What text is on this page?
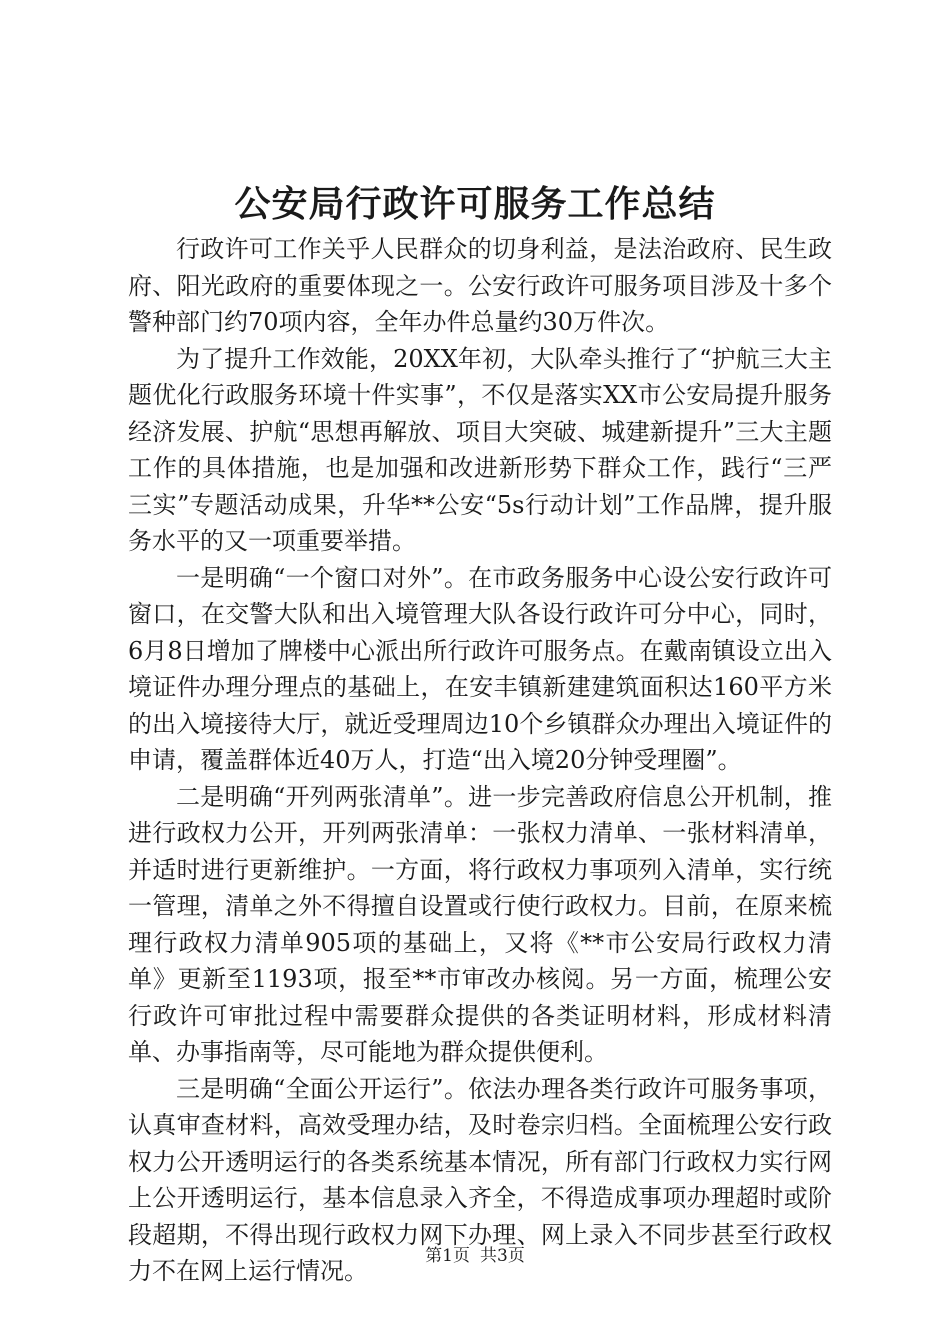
公安局行政许可服务工作总结

行政许可工作关乎人民群众的切身利益，是法治政府、民生政府、阳光政府的重要体现之一。公安行政许可服务项目涉及十多个警种部门约70项内容，全年办件总量约30万件次。

为了提升工作效能，20XX年初，大队牵头推行了“护航三大主题优化行政服务环境十件实事”，不仅是落实XX市公安局提升服务经济发展、护航“思想再解放、项目大突破、城建新提升”三大主题工作的具体措施，也是加强和改进新形势下群众工作，践行“三严三实”专题活动成果，升华**公安“5s行动计划”工作品牌，提升服务水平的又一项重要举措。

一是明确“一个窗口对外”。在市政务服务中心设公安行政许可窗口，在交警大队和出入境管理大队各设行政许可分中心，同时，6月8日增加了牌楼中心派出所行政许可服务点。在戴南镇设立出入境证件办理分理点的基础上，在安丰镇新建建筑面积达160平方米的出入境接待大厅，就近受理周边10个乡镇群众办理出入境证件的申请，覆盖群体近40万人，打造“出入境20分钟受理圈”。

二是明确“开列两张清单”。进一步完善政府信息公开机制，推进行政权力公开，开列两张清单：一张权力清单、一张材料清单，并适时进行更新维护。一方面，将行政权力事项列入清单，实行统一管理，清单之外不得擅自设置或行使行政权力。目前，在原来梳理行政权力清单905项的基础上，又将《**市公安局行政权力清单》更新至1193项，报至**市审改办核阅。另一方面，梳理公安行政许可审批过程中需要群众提供的各类证明材料，形成材料清单、办事指南等，尽可能地为群众提供便利。

三是明确“全面公开运行”。依法办理各类行政许可服务事项，认真审查材料，高效受理办结，及时卷宗归档。全面梳理公安行政权力公开透明运行的各类系统基本情况，所有部门行政权力实行网上公开透明运行，基本信息录入齐全，不得造成事项办理超时或阶段超期，不得出现行政权力网下办理、网上录入不同步甚至行政权力不在网上运行情况。

第1页 共3页
